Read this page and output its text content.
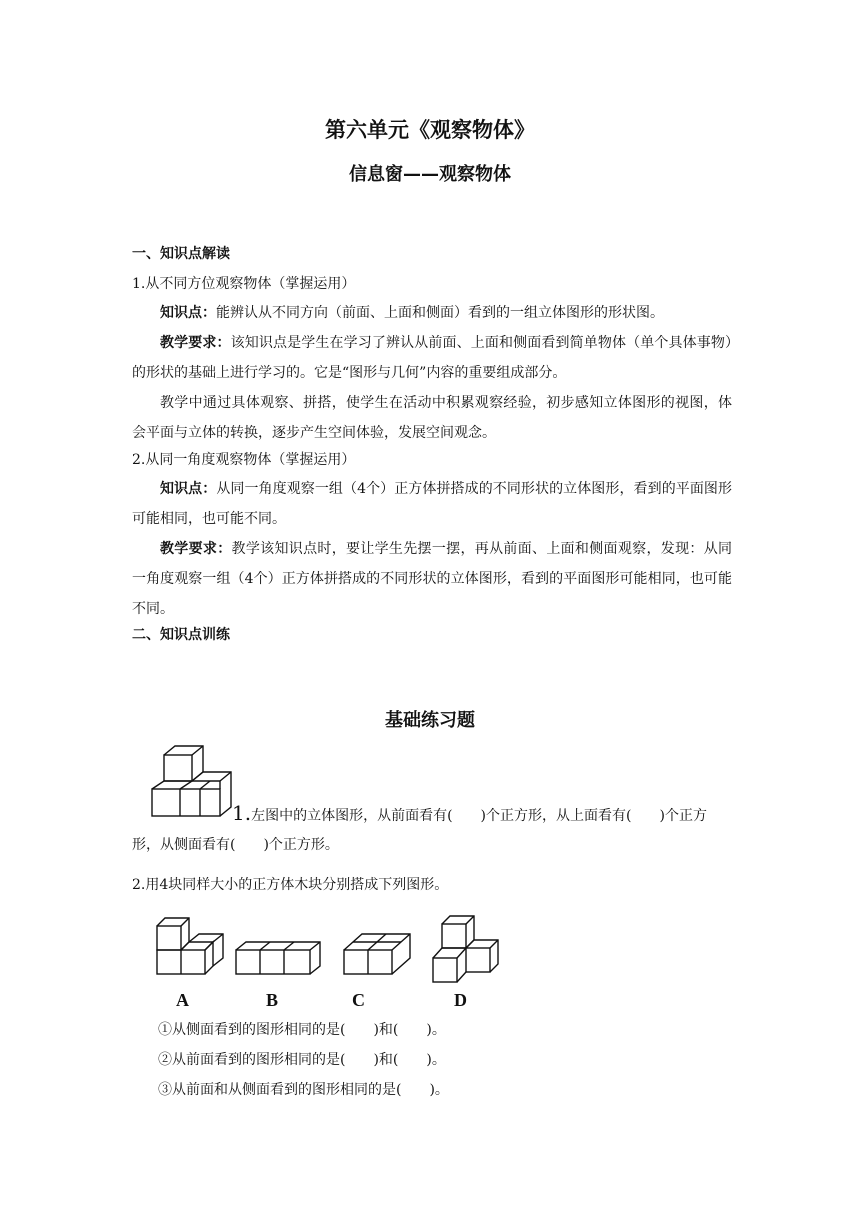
第六单元《观察物体》
信息窗——观察物体
一、知识点解读
1.从不同方位观察物体（掌握运用）
知识点：能辨认从不同方向（前面、上面和侧面）看到的一组立体图形的形状图。
教学要求：该知识点是学生在学习了辨认从前面、上面和侧面看到简单物体（单个具体事物）的形状的基础上进行学习的。它是“图形与几何”内容的重要组成部分。
教学中通过具体观察、拼搭，使学生在活动中积累观察经验，初步感知立体图形的视图，体会平面与立体的转换，逐步产生空间体验，发展空间观念。
2.从同一角度观察物体（掌握运用）
知识点：从同一角度观察一组（4个）正方体拼搭成的不同形状的立体图形，看到的平面图形可能相同，也可能不同。
教学要求：教学该知识点时，要让学生先摆一摆，再从前面、上面和侧面观察，发现：从同一角度观察一组（4个）正方体拼搭成的不同形状的立体图形，看到的平面图形可能相同，也可能不同。
二、知识点训练
基础练习题
1.左图中的立体图形，从前面看有(　　)个正方形，从上面看有(　　)个正方
形，从侧面看有(　　)个正方形。
2.用4块同样大小的正方体木块分别搭成下列图形。
A	B	C	D
①从侧面看到的图形相同的是(　　)和(　　)。
②从前面看到的图形相同的是(　　)和(　　)。
③从前面和从侧面看到的图形相同的是(　　)。
